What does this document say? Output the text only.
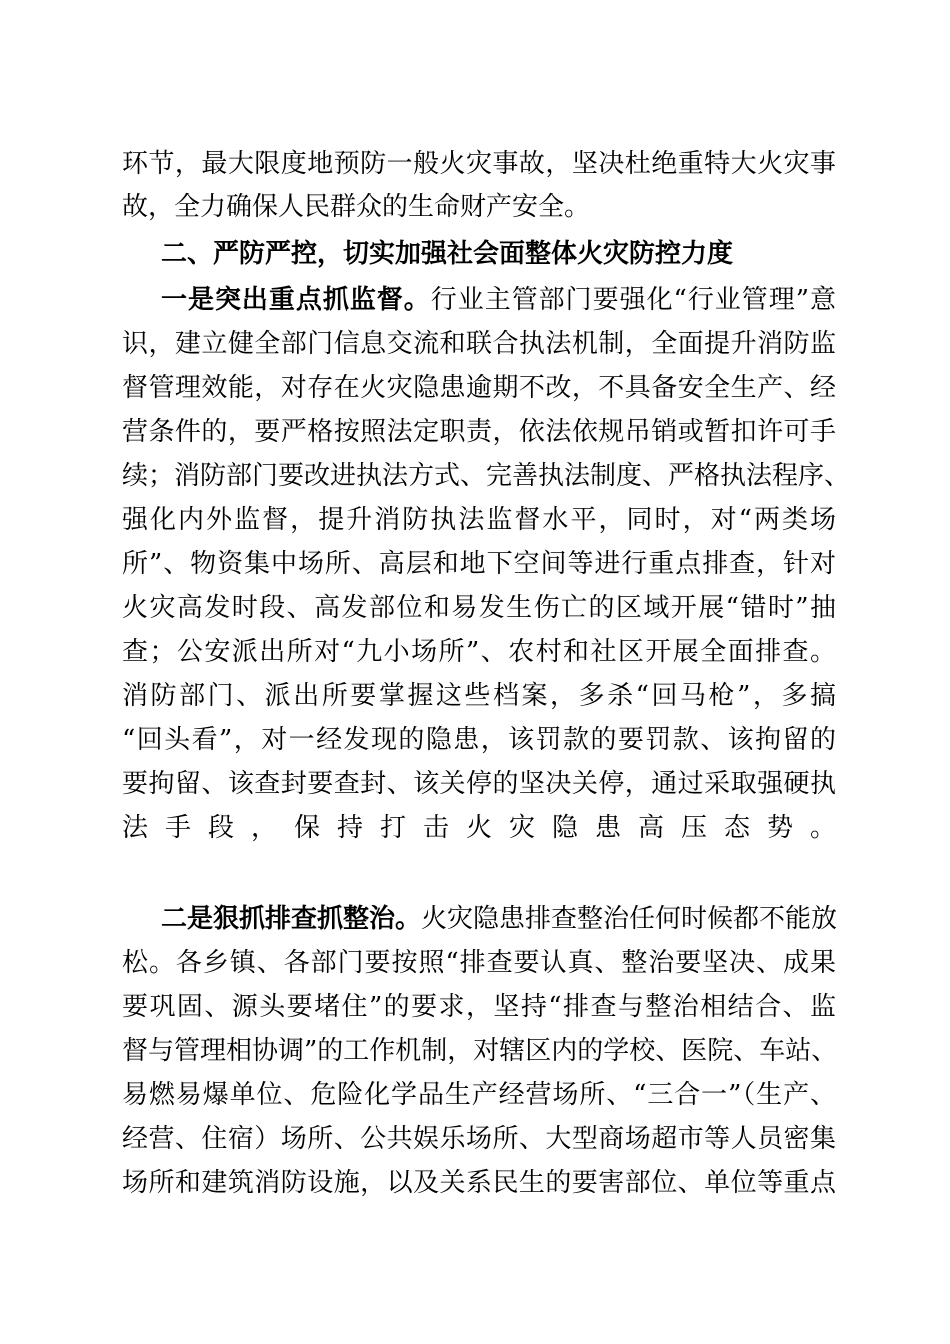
环节，最大限度地预防一般火灾事故，坚决杜绝重特大火灾事
故，全力确保人民群众的生命财产安全。
二、严防严控，切实加强社会面整体火灾防控力度
一是突出重点抓监督。行业主管部门要强化“行业管理”意
识，建立健全部门信息交流和联合执法机制，全面提升消防监
督管理效能，对存在火灾隐患逾期不改，不具备安全生产、经
营条件的，要严格按照法定职责，依法依规吊销或暂扣许可手
续；消防部门要改进执法方式、完善执法制度、严格执法程序、
强化内外监督，提升消防执法监督水平，同时，对“两类场
所”、物资集中场所、高层和地下空间等进行重点排查，针对
火灾高发时段、高发部位和易发生伤亡的区域开展“错时”抽
查；公安派出所对“九小场所”、农村和社区开展全面排查。
消防部门、派出所要掌握这些档案，多杀“回马枪”，多搞
“回头看”，对一经发现的隐患，该罚款的要罚款、该拘留的
要拘留、该查封要查封、该关停的坚决关停，通过采取强硬执
法手段，保持打击火灾隐患高压态势。
二是狠抓排查抓整治。火灾隐患排查整治任何时候都不能放
松。各乡镇、各部门要按照“排查要认真、整治要坚决、成果
要巩固、源头要堵住”的要求，坚持“排查与整治相结合、监
督与管理相协调”的工作机制，对辖区内的学校、医院、车站、
易燃易爆单位、危险化学品生产经营场所、“三合一”（生产、
经营、住宿）场所、公共娱乐场所、大型商场超市等人员密集
场所和建筑消防设施，以及关系民生的要害部位、单位等重点
